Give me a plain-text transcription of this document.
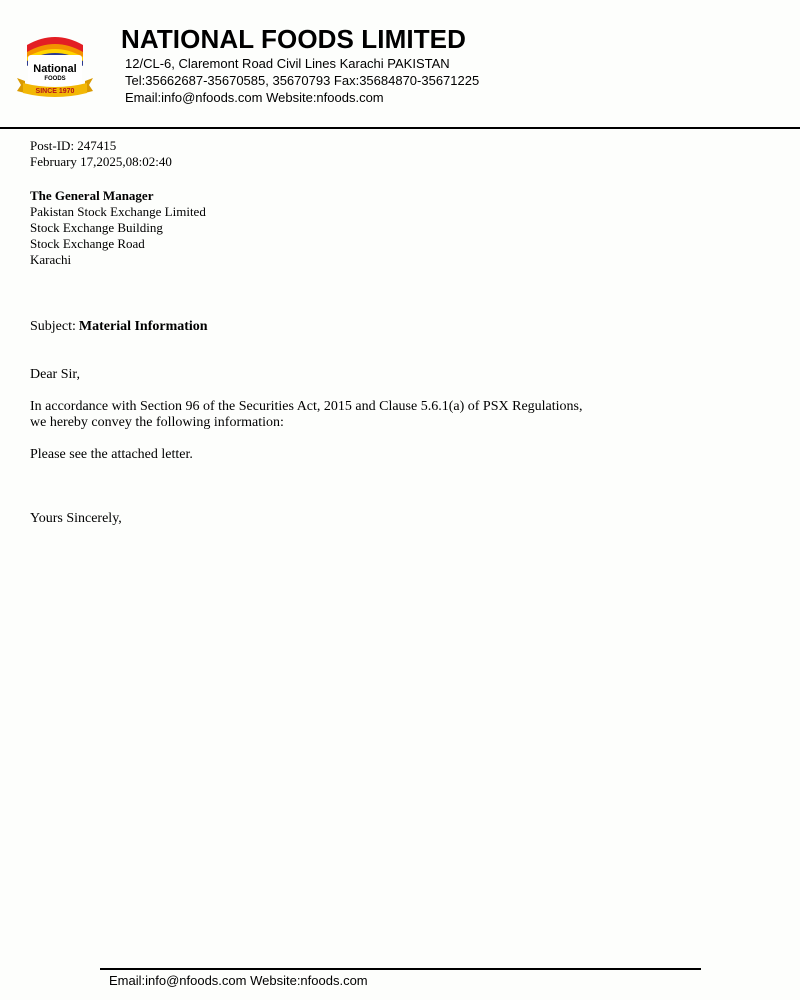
National
FOODS
SINCE 1970
NATIONAL FOODS LIMITED
12/CL-6, Claremont Road Civil Lines Karachi PAKISTAN
Tel:35662687-35670585, 35670793 Fax:35684870-35671225
Email:info@nfoods.com Website:nfoods.com
Post-ID: 247415
February 17,2025,08:02:40
The General Manager
Pakistan Stock Exchange Limited
Stock Exchange Building
Stock Exchange Road
Karachi
Subject: Material Information

Dear Sir,

In accordance with Section 96 of the Securities Act, 2015 and Clause 5.6.1(a) of PSX Regulations,
we hereby convey the following information:

Please see the attached letter.

Yours Sincerely,

Email:info@nfoods.com Website:nfoods.com
